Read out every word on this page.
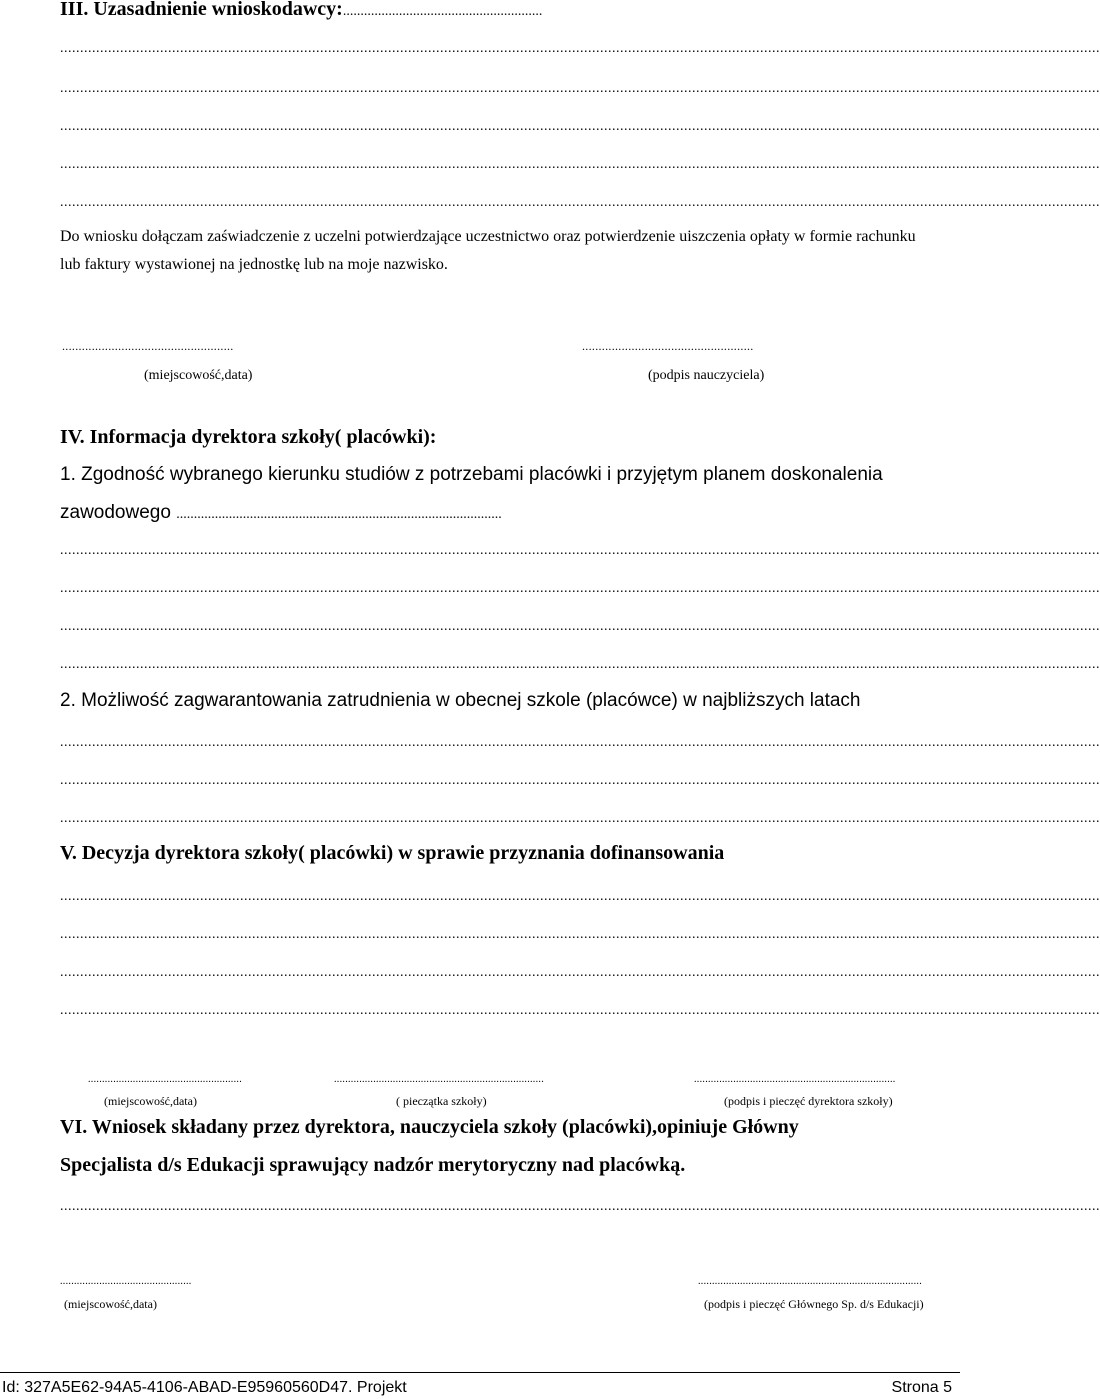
III. Uzasadnienie wnioskodawcy:.........................................................
....................................................................................................................................................................................................................................................................
....................................................................................................................................................................................................................................................................
....................................................................................................................................................................................................................................................................
....................................................................................................................................................................................................................................................................
....................................................................................................................................................................................................................................................................
Do wniosku dołączam zaświadczenie z uczelni potwierdzające uczestnictwo oraz potwierdzenie uiszczenia opłaty w formie rachunku
lub faktury wystawionej na jednostkę lub na moje nazwisko.
....................................................
(miejscowość,data)
....................................................
(podpis nauczyciela)
IV. Informacja dyrektora szkoły( placówki):
1. Zgodność wybranego kierunku studiów z potrzebami placówki i przyjętym planem doskonalenia
zawodowego .............................................................................................
....................................................................................................................................................................................................................................................................
....................................................................................................................................................................................................................................................................
....................................................................................................................................................................................................................................................................
....................................................................................................................................................................................................................................................................
2. Możliwość zagwarantowania zatrudnienia w obecnej szkole (placówce) w najbliższych latach
....................................................................................................................................................................................................................................................................
....................................................................................................................................................................................................................................................................
....................................................................................................................................................................................................................................................................
V. Decyzja dyrektora szkoły( placówki) w sprawie przyznania dofinansowania
....................................................................................................................................................................................................................................................................
....................................................................................................................................................................................................................................................................
....................................................................................................................................................................................................................................................................
....................................................................................................................................................................................................................................................................
.......................................................
(miejscowość,data)
...........................................................................
( pieczątka szkoły)
........................................................................
(podpis i pieczęć dyrektora szkoły)
VI. Wniosek składany przez dyrektora, nauczyciela szkoły (placówki),opiniuje Główny
Specjalista d/s Edukacji sprawujący nadzór merytoryczny nad placówką.
....................................................................................................................................................................................................................................................................
...............................................
(miejscowość,data)
................................................................................
(podpis i pieczęć Głównego Sp. d/s Edukacji)
Id: 327A5E62-94A5-4106-ABAD-E95960560D47. Projekt	Strona 5
